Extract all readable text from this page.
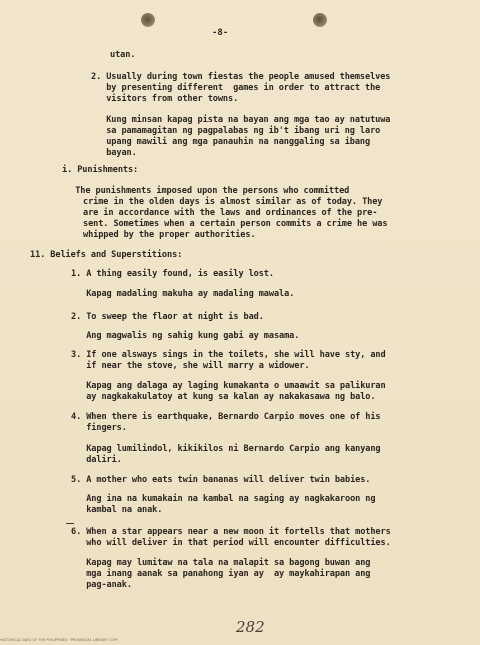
-8-
utan.
2. Usually during town fiestas the people amused themselves
by presenting different  games in order to attract the
visitors from other towns.
Kung minsan kapag pista na bayan ang mga tao ay natutuwa
sa pamamagitan ng pagpalabas ng ib't ibang uri ng laro
upang mawili ang mga panauhin na nanggaling sa ibang
bayan.
i. Punishments:
The punishments imposed upon the persons who committed
crime in the olden days is almost similar as of today. They
are in accordance with the laws and ordinances of the pre-
sent. Sometimes when a certain person commits a crime he was
whipped by the proper authorities.
11. Beliefs and Superstitions:
1. A thing easily found, is easily lost.
Kapag madaling makuha ay madaling mawala.
2. To sweep the flaor at night is bad.
Ang magwalis ng sahig kung gabi ay masama.
3. If one alsways sings in the toilets, she will have sty, and
if near the stove, she will marry a widower.
Kapag ang dalaga ay laging kumakanta o umaawit sa palikuran
ay nagkakakulatoy at kung sa kalan ay nakakasawa ng balo.
4. When there is earthquake, Bernardo Carpio moves one of his
fingers.
Kapag lumilindol, kikikilos ni Bernardo Carpio ang kanyang
daliri.
5. A mother who eats twin bananas will deliver twin babies.
Ang ina na kumakain na kambal na saging ay nagkakaroon ng
kambal na anak.
6. When a star appears near a new moon it fortells that mothers
who will deliver in that period will encounter difficulties.
Kapag may lumitaw na tala na malapit sa bagong buwan ang
mga inang aanak sa panahong iyan ay  ay maykahirapan ang
pag-anak.
282
HISTORICAL DATA OF THE PHILIPPINES · PROVINCIAL LIBRARY COPY
